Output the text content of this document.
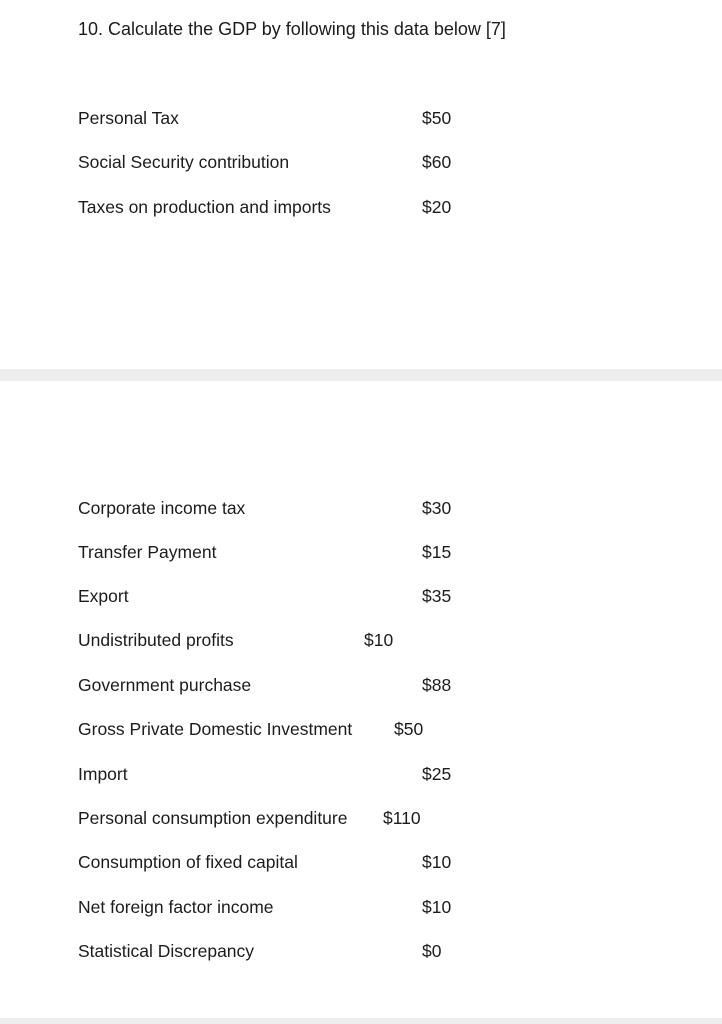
10. Calculate the GDP by following this data below [7]
Personal Tax	$50
Social Security contribution	$60
Taxes on production and imports	$20
Corporate income tax	$30
Transfer Payment	$15
Export	$35
Undistributed profits	$10
Government purchase	$88
Gross Private Domestic Investment $50
Import	$25
Personal consumption expenditure $110
Consumption of fixed capital	$10
Net foreign factor income	$10
Statistical Discrepancy	$0
